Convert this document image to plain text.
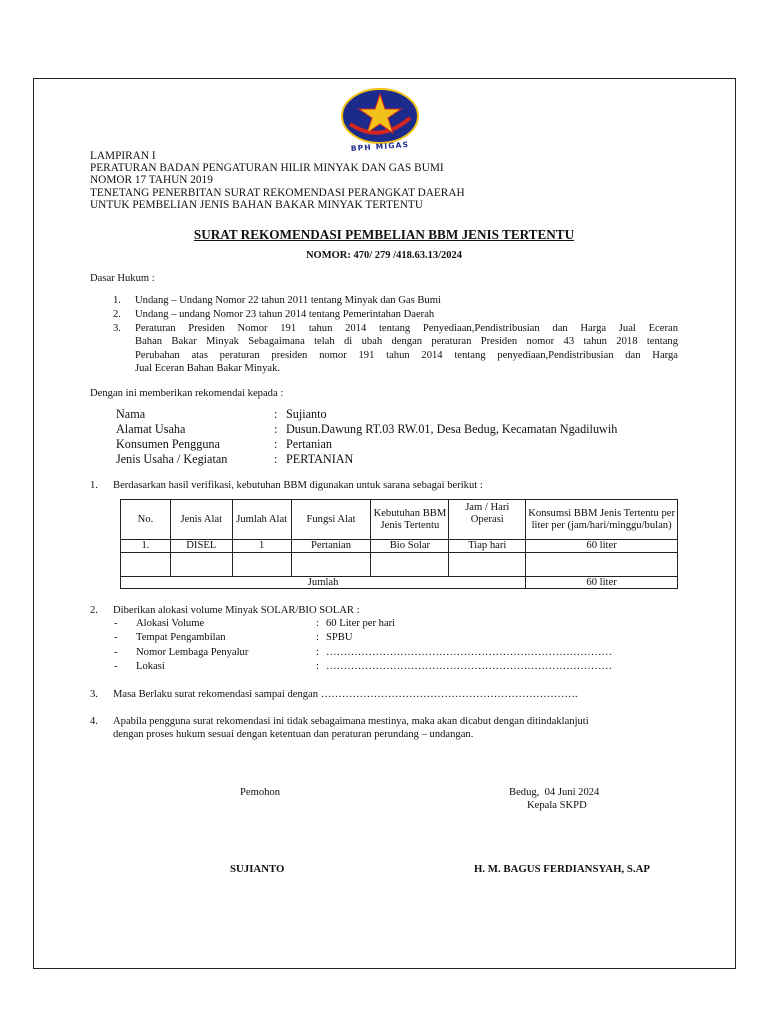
BPH MIGAS
LAMPIRAN I
PERATURAN BADAN PENGATURAN HILIR MINYAK DAN GAS BUMI
NOMOR 17 TAHUN 2019
TENETANG PENERBITAN SURAT REKOMENDASI PERANGKAT DAERAH
UNTUK PEMBELIAN JENIS BAHAN BAKAR MINYAK TERTENTU
SURAT REKOMENDASI PEMBELIAN BBM JENIS TERTENTU
NOMOR: 470/ 279 /418.63.13/2024
Dasar Hukum :
1. Undang – Undang Nomor 22 tahun 2011 tentang Minyak dan Gas Bumi
2. Undang – undang Nomor 23 tahun 2014 tentang Pemerintahan Daerah
3. Peraturan Presiden Nomor 191 tahun 2014 tentang Penyediaan,Pendistribusian dan Harga Jual Eceran
Bahan Bakar Minyak Sebagaimana telah di ubah dengan peraturan Presiden nomor 43 tahun 2018 tentang
Perubahan atas peraturan presiden nomor 191 tahun 2014 tentang penyediaan,Pendistribusian dan Harga
Jual Eceran Bahan Bakar Minyak.
Dengan ini memberikan rekomendai kepada :
Nama	: Sujianto
Alamat Usaha	: Dusun.Dawung RT.03 RW.01, Desa Bedug, Kecamatan Ngadiluwih
Konsumen Pengguna	: Pertanian
Jenis Usaha / Kegiatan	: PERTANIAN
1. Berdasarkan hasil verifikasi, kebutuhan BBM digunakan untuk sarana sebagai berikut :
No.	Jenis Alat	Jumlah Alat	Fungsi Alat	Kebutuhan BBM Jenis Tertentu	Jam / Hari Operasi	Konsumsi BBM Jenis Tertentu per liter per (jam/hari/minggu/bulan)
1.	DISEL	1	Pertanian	Bio Solar	Tiap hari	60 liter

Jumlah						60 liter
2. Diberikan alokasi volume Minyak SOLAR/BIO SOLAR :
- Alokasi Volume	: 60 Liter per hari
- Tempat Pengambilan	: SPBU
- Nomor Lembaga Penyalur	: ………………………………………………………………………
- Lokasi	: ………………………………………………………………………
3. Masa Berlaku surat rekomendasi sampai dengan ……………………………………………………………….
4. Apabila pengguna surat rekomendasi ini tidak sebagaimana mestinya, maka akan dicabut dengan ditindaklanjuti
dengan proses hukum sesuai dengan ketentuan dan peraturan perundang – undangan.
Pemohon	Bedug,  04 Juni 2024
Kepala SKPD
SUJIANTO	H. M. BAGUS FERDIANSYAH, S.AP
